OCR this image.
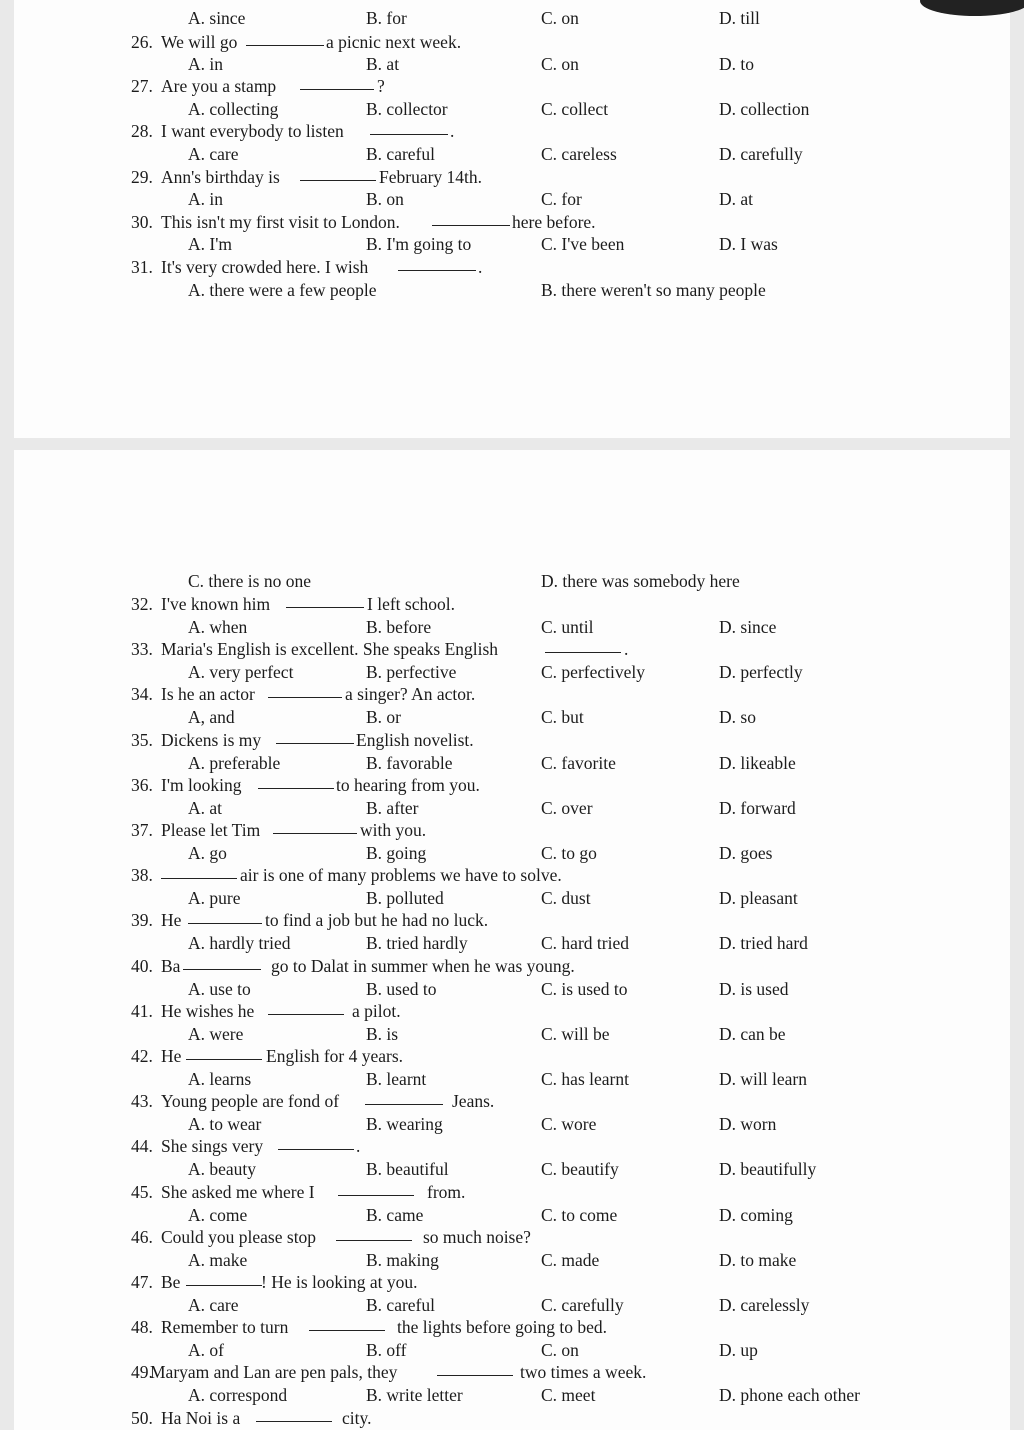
A. since	B. for	C. on	D. till
26. We will go	a picnic next week.
A. in	B. at	C. on	D. to
27. Are you a stamp	?
A. collecting	B. collector	C. collect	D. collection
28. I want everybody to listen	.
A. care	B. careful	C. careless	D. carefully
29. Ann's birthday is	February 14th.
A. in	B. on	C. for	D. at
30. This isn't my first visit to London.	here before.
A. I'm	B. I'm going to	C. I've been	D. I was
31. It's very crowded here. I wish	.
A. there were a few people	B. there weren't so many people
C. there is no one	D. there was somebody here
32. I've known him	I left school.
A. when	B. before	C. until	D. since
33. Maria's English is excellent. She speaks English	.
A. very perfect	B. perfective	C. perfectively	D. perfectly
34. Is he an actor	a singer? An actor.
A, and	B. or	C. but	D. so
35. Dickens is my	English novelist.
A. preferable	B. favorable	C. favorite	D. likeable
36. I'm looking	to hearing from you.
A. at	B. after	C. over	D. forward
37. Please let Tim	with you.
A. go	B. going	C. to go	D. goes
38.	air is one of many problems we have to solve.
A. pure	B. polluted	C. dust	D. pleasant
39. He	to find a job but he had no luck.
A. hardly tried	B. tried hardly	C. hard tried	D. tried hard
40. Ba	go to Dalat in summer when he was young.
A. use to	B. used to	C. is used to	D. is used
41. He wishes he	a pilot.
A. were	B. is	C. will be	D. can be
42. He	English for 4 years.
A. learns	B. learnt	C. has learnt	D. will learn
43. Young people are fond of	Jeans.
A. to wear	B. wearing	C. wore	D. worn
44. She sings very	.
A. beauty	B. beautiful	C. beautify	D. beautifully
45. She asked me where I	from.
A. come	B. came	C. to come	D. coming
46. Could you please stop	so much noise?
A. make	B. making	C. made	D. to make
47. Be	! He is looking at you.
A. care	B. careful	C. carefully	D. carelessly
48. Remember to turn	the lights before going to bed.
A. of	B. off	C. on	D. up
49.
Maryam and Lan are pen pals, they	two times a week.
A. correspond	B. write letter	C. meet	D. phone each other
50. Ha Noi is a	city.
